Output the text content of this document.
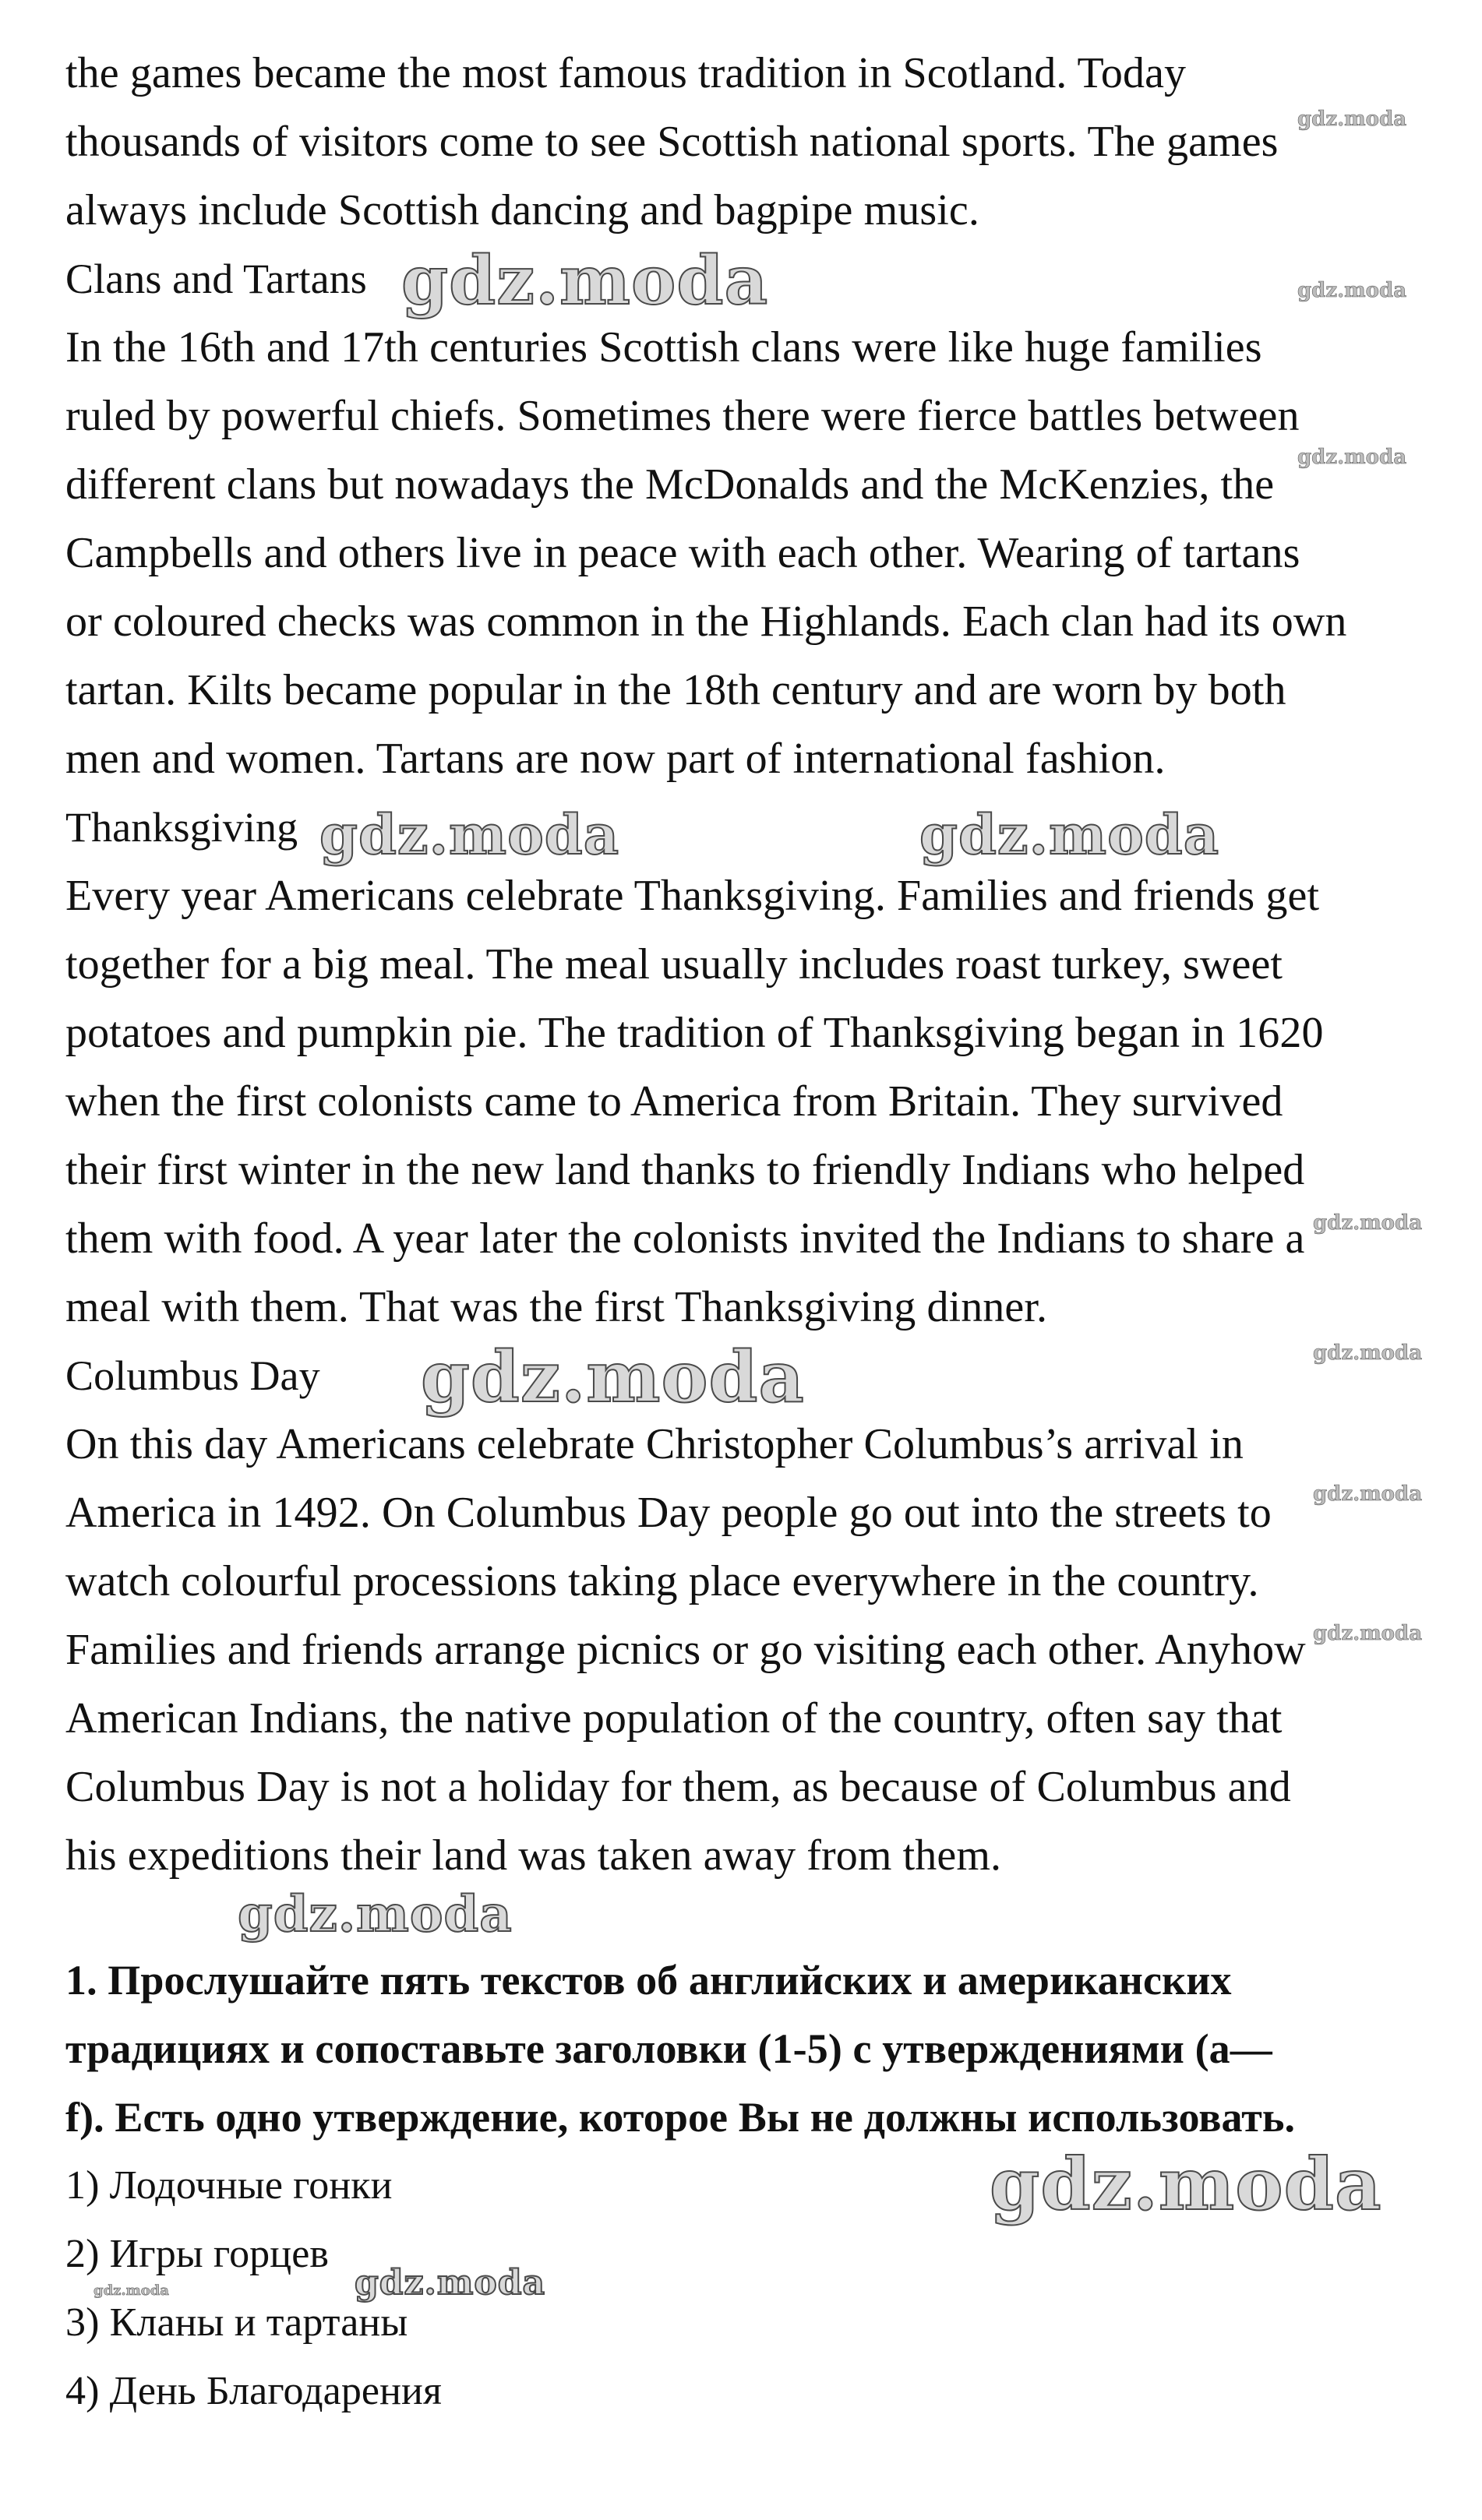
the games became the most famous tradition in Scotland. Today
thousands of visitors come to see Scottish national sports. The games
always include Scottish dancing and bagpipe music.
Clans and Tartans
In the 16th and 17th centuries Scottish clans were like huge families
ruled by powerful chiefs. Sometimes there were fierce battles between
different clans but nowadays the McDonalds and the McKenzies, the
Campbells and others live in peace with each other. Wearing of tartans
or coloured checks was common in the Highlands. Each clan had its own
tartan. Kilts became popular in the 18th century and are worn by both
men and women. Tartans are now part of international fashion.
Thanksgiving
Every year Americans celebrate Thanksgiving. Families and friends get
together for a big meal. The meal usually includes roast turkey, sweet
potatoes and pumpkin pie. The tradition of Thanksgiving began in 1620
when the first colonists came to America from Britain. They survived
their first winter in the new land thanks to friendly Indians who helped
them with food. A year later the colonists invited the Indians to share a
meal with them. That was the first Thanksgiving dinner.
Columbus Day
On this day Americans celebrate Christopher Columbus’s arrival in
America in 1492. On Columbus Day people go out into the streets to
watch colourful processions taking place everywhere in the country.
Families and friends arrange picnics or go visiting each other. Anyhow
American Indians, the native population of the country, often say that
Columbus Day is not a holiday for them, as because of Columbus and
his expeditions their land was taken away from them.
1. Прослушайте пять текстов об английских и американских
традициях и сопоставьте заголовки (1-5) с утверждениями (a—
f). Есть одно утверждение, которое Вы не должны использовать.
1) Лодочные гонки
2) Игры горцев
3) Кланы и тартаны
4) День Благодарения
gdz.moda
gdz.moda	gdz.moda
gdz.moda
gdz.moda
gdz.moda
gdz.moda
gdz.moda
gdz.moda
gdz.moda
gdz.moda
gdz.moda
gdz.moda
gdz.moda
gdz.moda
